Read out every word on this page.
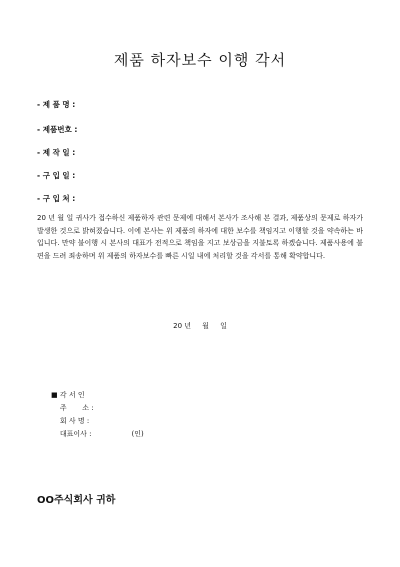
제품 하자보수 이행 각서
- 제 품 명 :
- 제품번호 :
- 제 작 일 :
- 구 입 일 :
- 구 입 처 :

20 년 월 일 귀사가 접수하신 제품하자 관련 문제에 대해서 본사가 조사해 본 결과, 제품상의 문제로 하자가 발생한 것으로 밝혀졌습니다. 이에 본사는 위 제품의 하자에 대한 보수를 책임지고 이행할 것을 약속하는 바입니다. 만약 불이행 시 본사의 대표가 전적으로 책임을 지고 보상금을 지불토록 하겠습니다. 제품사용에 불편을 드려 죄송하며 위 제품의 하자보수를 빠른 시일 내에 처리할 것을 각서를 통해 확약합니다.

20 년     월     일
■ 각 서 인
주       소 :
회 사 명 :
대표이사 :	(인)
OO주식회사 귀하
